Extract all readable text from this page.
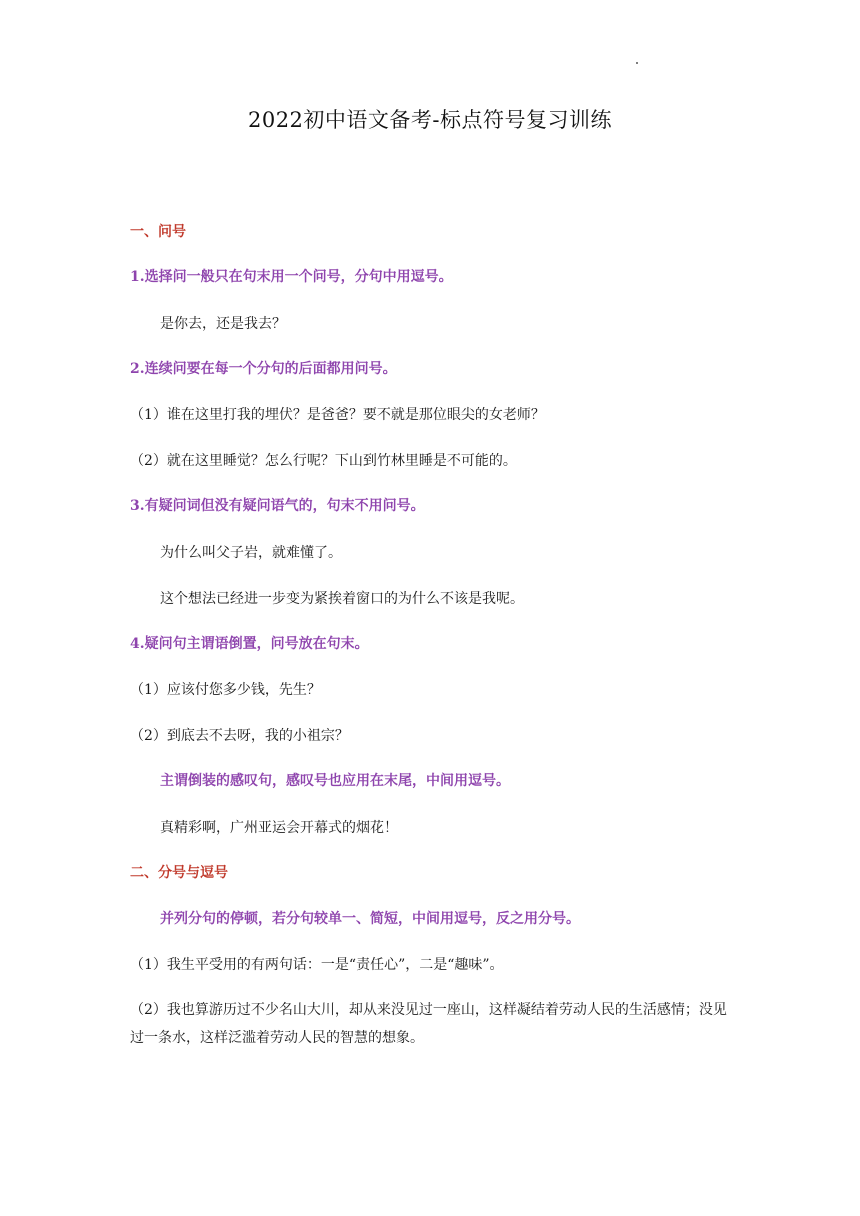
2022初中语文备考-标点符号复习训练
一、问号
1.选择问一般只在句末用一个问号，分句中用逗号。
是你去，还是我去？
2.连续问要在每一个分句的后面都用问号。
（1）谁在这里打我的埋伏？是爸爸？要不就是那位眼尖的女老师？
（2）就在这里睡觉？怎么行呢？下山到竹林里睡是不可能的。
3.有疑问词但没有疑问语气的，句末不用问号。
为什么叫父子岩，就难懂了。
这个想法已经进一步变为紧挨着窗口的为什么不该是我呢。
4.疑问句主谓语倒置，问号放在句末。
（1）应该付您多少钱，先生？
（2）到底去不去呀，我的小祖宗？
主谓倒装的感叹句，感叹号也应用在末尾，中间用逗号。
真精彩啊，广州亚运会开幕式的烟花！
二、分号与逗号
并列分句的停顿，若分句较单一、简短，中间用逗号，反之用分号。
（1）我生平受用的有两句话：一是“责任心”，二是“趣味”。
（2）我也算游历过不少名山大川，却从来没见过一座山，这样凝结着劳动人民的生活感情；没见过一条水，这样泛滥着劳动人民的智慧的想象。
